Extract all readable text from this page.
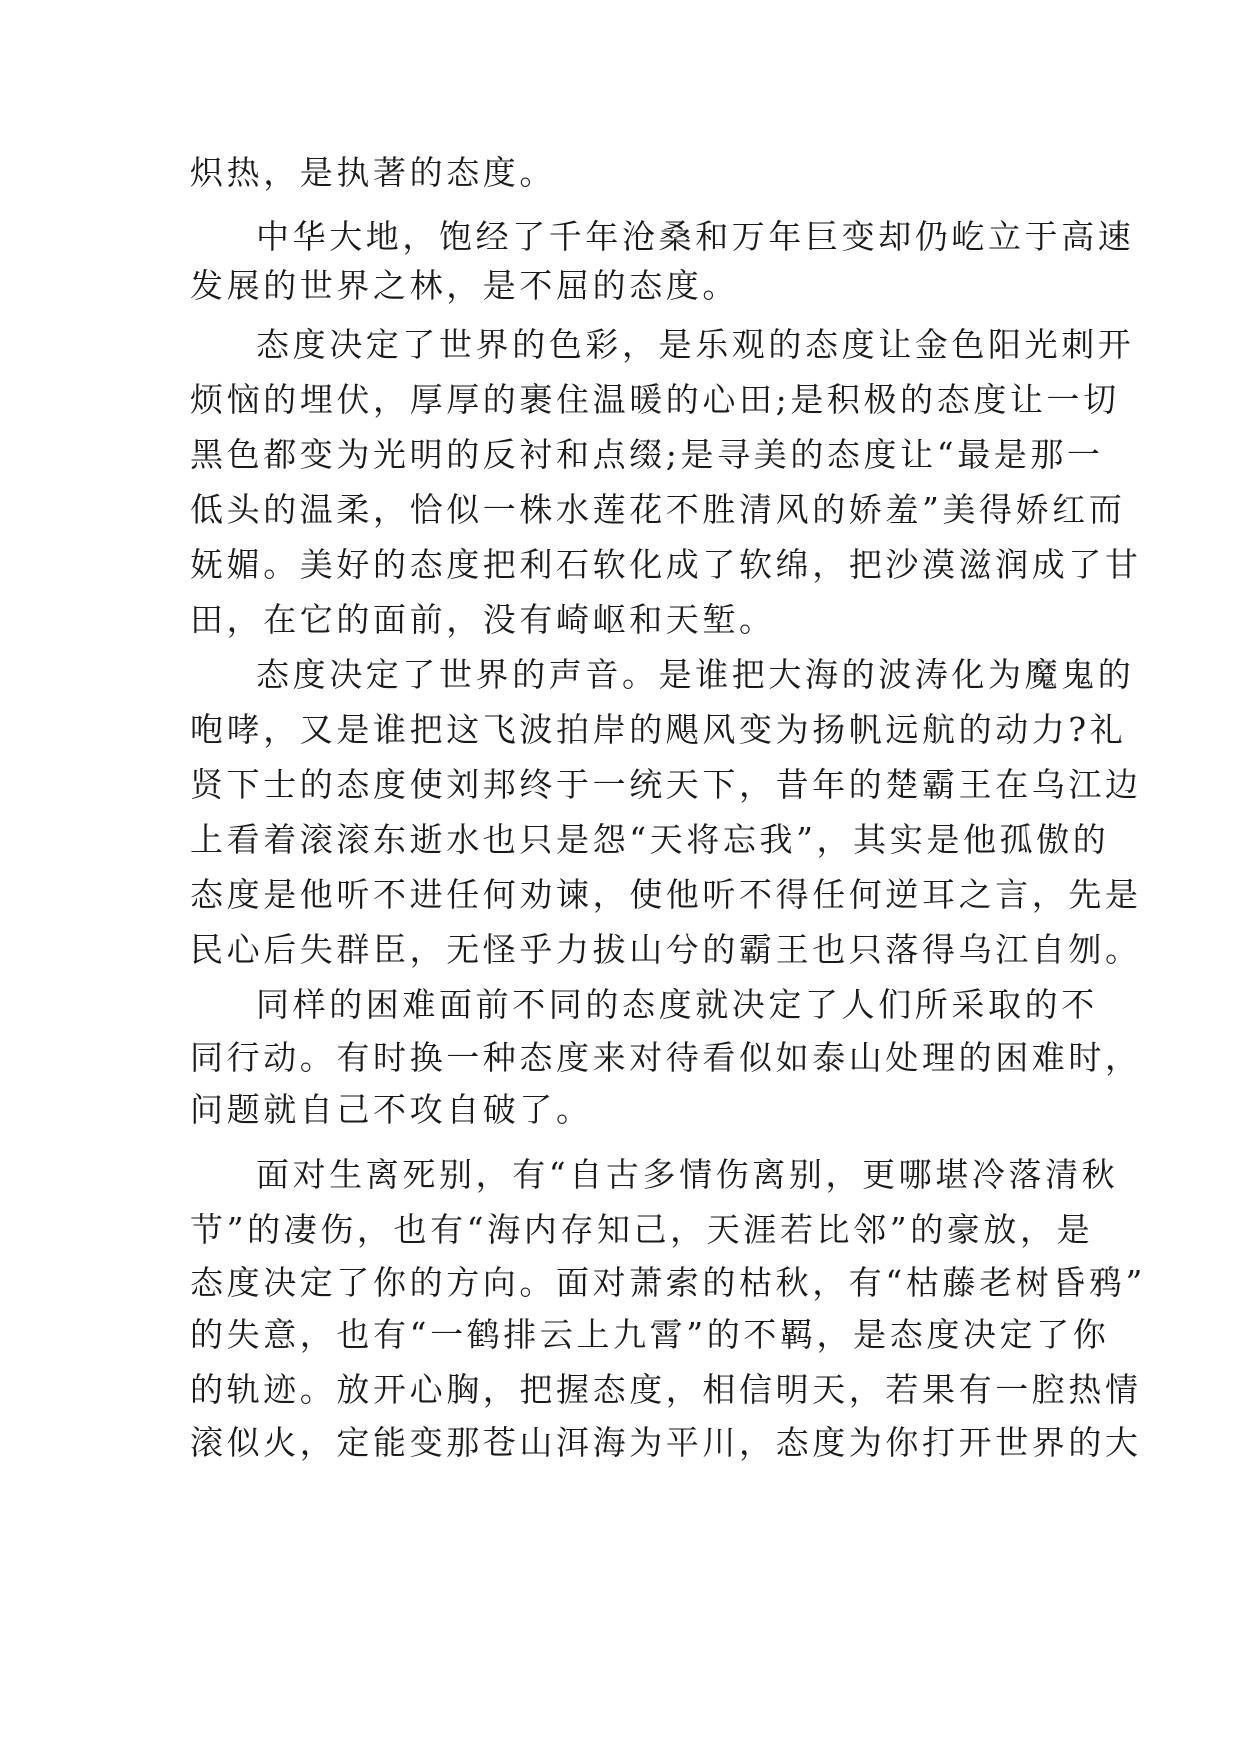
炽热，是执著的态度。
中华大地，饱经了千年沧桑和万年巨变却仍屹立于高速
发展的世界之林，是不屈的态度。
态度决定了世界的色彩，是乐观的态度让金色阳光刺开
烦恼的埋伏，厚厚的裹住温暖的心田;是积极的态度让一切
黑色都变为光明的反衬和点缀;是寻美的态度让“最是那一
低头的温柔，恰似一株水莲花不胜清风的娇羞”美得娇红而
妩媚。美好的态度把利石软化成了软绵，把沙漠滋润成了甘
田，在它的面前，没有崎岖和天堑。
态度决定了世界的声音。是谁把大海的波涛化为魔鬼的
咆哮，又是谁把这飞波拍岸的飓风变为扬帆远航的动力?礼
贤下士的态度使刘邦终于一统天下，昔年的楚霸王在乌江边
上看着滚滚东逝水也只是怨“天将忘我”，其实是他孤傲的
态度是他听不进任何劝谏，使他听不得任何逆耳之言，先是
民心后失群臣，无怪乎力拔山兮的霸王也只落得乌江自刎。
同样的困难面前不同的态度就决定了人们所采取的不
同行动。有时换一种态度来对待看似如泰山处理的困难时，
问题就自己不攻自破了。
面对生离死别，有“自古多情伤离别，更哪堪冷落清秋
节”的凄伤，也有“海内存知己，天涯若比邻”的豪放，是
态度决定了你的方向。面对萧索的枯秋，有“枯藤老树昏鸦”
的失意，也有“一鹤排云上九霄”的不羁，是态度决定了你
的轨迹。放开心胸，把握态度，相信明天，若果有一腔热情
滚似火，定能变那苍山洱海为平川，态度为你打开世界的大
